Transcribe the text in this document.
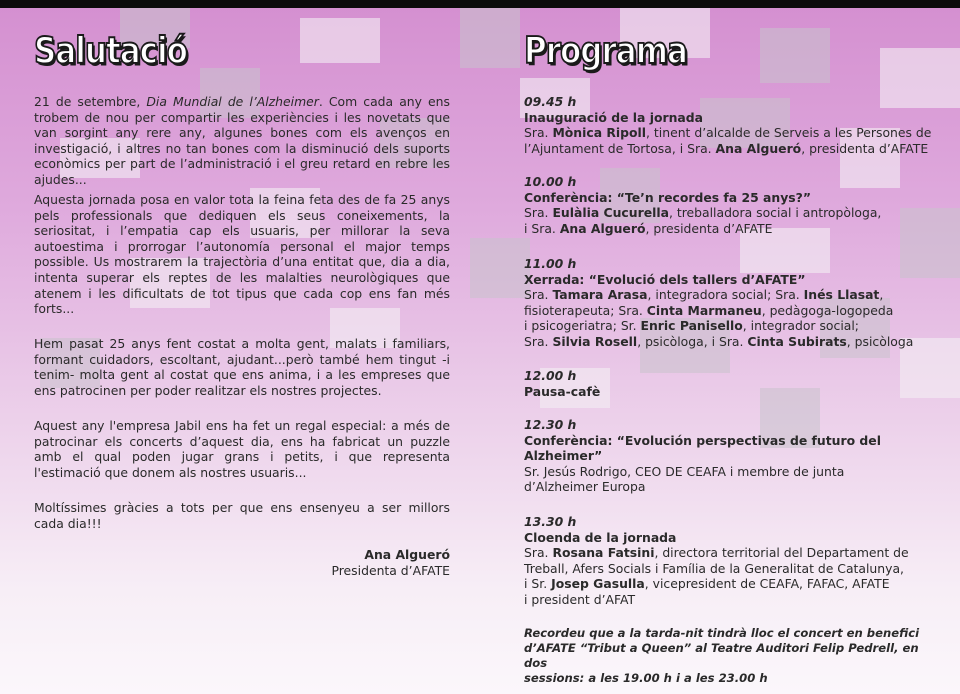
Salutació	Programa

21 de setembre, Dia Mundial de l’Alzheimer. Com cada any ens trobem de nou per compartir les experiències i les novetats que van sorgint any rere any, algunes bones com els avenços en investigació, i altres no tan bones com la disminució dels suports econòmics per part de l’administració i el greu retard en rebre les ajudes...

Aquesta jornada posa en valor tota la feina feta des de fa 25 anys pels professionals que dediquen els seus coneixements, la seriositat, i l’empatia cap els usuaris, per millorar la seva autoestima i prorrogar l’autonomía personal el major temps possible. Us mostrarem la trajectòria d’una entitat que, dia a dia, intenta superar els reptes de les malalties neurològiques que atenem i les dificultats de tot tipus que cada cop ens fan més forts...

Hem pasat 25 anys fent costat a molta gent, malats i familiars, formant cuidadors, escoltant, ajudant...però també hem tingut -i tenim- molta gent al costat que ens anima, i a les empreses que ens patrocinen per poder realitzar els nostres projectes.

Aquest any l'empresa Jabil ens ha fet un regal especial: a més de patrocinar els concerts d’aquest dia, ens ha fabricat un puzzle amb el qual poden jugar grans i petits, i que representa l'estimació que donem als nostres usuaris...

Moltíssimes gràcies a tots per que ens ensenyeu a ser millors cada dia!!!

Ana Algueró
Presidenta d’AFATE
09.45 h
Inauguració de la jornada
Sra. Mònica Ripoll, tinent d’alcalde de Serveis a les Persones de
l’Ajuntament de Tortosa, i Sra. Ana Algueró, presidenta d’AFATE
10.00 h
Conferència: “Te’n recordes fa 25 anys?”
Sra. Eulàlia Cucurella, treballadora social i antropòloga,
i Sra. Ana Algueró, presidenta d’AFATE
11.00 h
Xerrada: “Evolució dels tallers d’AFATE”
Sra. Tamara Arasa, integradora social; Sra. Inés Llasat,
fisioterapeuta; Sra. Cinta Marmaneu, pedàgoga-logopeda
i psicogeriatra; Sr. Enric Panisello, integrador social;
Sra. Silvia Rosell, psicòloga, i Sra. Cinta Subirats, psicòloga
12.00 h
Pausa-cafè
12.30 h
Conferència: “Evolución perspectivas de futuro del
Alzheimer”
Sr. Jesús Rodrigo, CEO DE CEAFA i membre de junta
d’Alzheimer Europa
13.30 h
Cloenda de la jornada
Sra. Rosana Fatsini, directora territorial del Departament de
Treball, Afers Socials i Família de la Generalitat de Catalunya,
i Sr. Josep Gasulla, vicepresident de CEAFA, FAFAC, AFATE
i president d’AFAT
Recordeu que a la tarda-nit tindrà lloc el concert en benefici
d’AFATE “Tribut a Queen” al Teatre Auditori Felip Pedrell, en dos
sessions: a les 19.00 h i a les 23.00 h
